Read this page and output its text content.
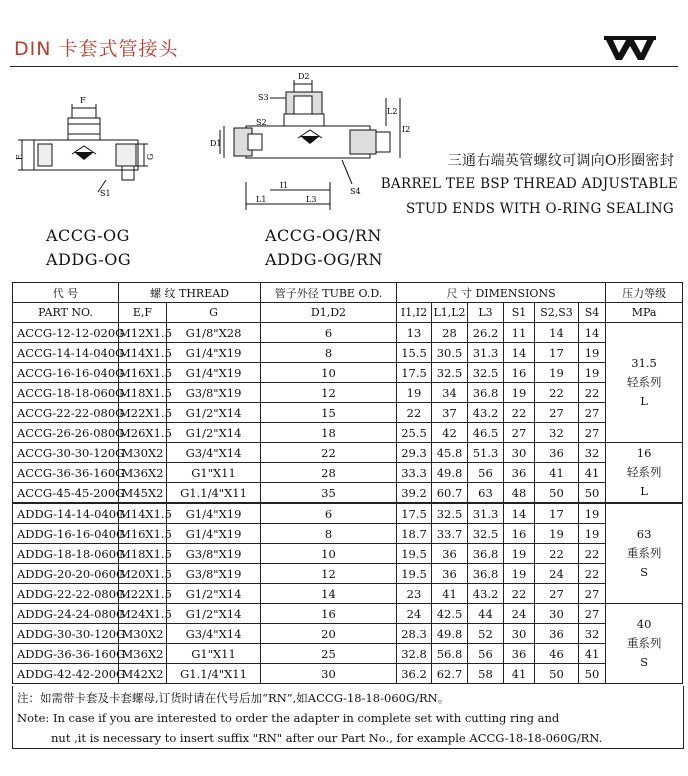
DIN 卡套式管接头
F
E	G
S1
D2
S3
S2
D1
L2
I2
I1
L1	L3
S4
ACCG-OG
ADDG-OG
ACCG-OG/RN
ADDG-OG/RN
三通右端英管螺纹可调向O形圈密封
BARREL TEE BSP THREAD ADJUSTABLE
STUD ENDS WITH O-RING SEALING
代 号	螺 纹 THREAD		管子外径 TUBE O.D.	尺 寸 DIMENSIONS						压力等级
PART NO.	E,F	G	D1,D2	I1,I2	L1,L2	L3	S1	S2,S3	S4	MPa
ACCG-12-12-020G	M12X1.5	G1/8"X28	6	13	28	26.2	11	14	14	31.5
轻系列
L

ACCG-14-14-040G	M14X1.5	G1/4"X19	8	15.5	30.5	31.3	14	17	19	
ACCG-16-16-040G	M16X1.5	G1/4"X19	10	17.5	32.5	32.5	16	19	19	
ACCG-18-18-060G	M18X1.5	G3/8"X19	12	19	34	36.8	19	22	22	
ACCG-22-22-080G	M22X1.5	G1/2"X14	15	22	37	43.2	22	27	27	
ACCG-26-26-080G	M26X1.5	G1/2"X14	18	25.5	42	46.5	27	32	27	
ACCG-30-30-120G	M30X2	G3/4"X14	22	29.3	45.8	51.3	30	36	32	16
轻系列
L

ACCG-36-36-160G	M36X2	G1"X11	28	33.3	49.8	56	36	41	41	
ACCG-45-45-200G	M45X2	G1.1/4"X11	35	39.2	60.7	63	48	50	50	
ADDG-14-14-040G	M14X1.5	G1/4"X19	6	17.5	32.5	31.3	14	17	19	63
重系列
S

ADDG-16-16-040G	M16X1.5	G1/4"X19	8	18.7	33.7	32.5	16	19	19	
ADDG-18-18-060G	M18X1.5	G3/8"X19	10	19.5	36	36.8	19	22	22	
ADDG-20-20-060G	M20X1.5	G3/8"X19	12	19.5	36	36.8	19	24	22	
ADDG-22-22-080G	M22X1.5	G1/2"X14	14	23	41	43.2	22	27	27	
ADDG-24-24-080G	M24X1.5	G1/2"X14	16	24	42.5	44	24	30	27	40
重系列
S

ADDG-30-30-120G	M30X2	G3/4"X14	20	28.3	49.8	52	30	36	32	
ADDG-36-36-160G	M36X2	G1"X11	25	32.8	56.8	56	36	46	41	
ADDG-42-42-200G	M42X2	G1.1/4"X11	30	36.2	62.7	58	41	50	50	
注：如需带卡套及卡套螺母,订货时请在代号后加“RN”,如ACCG-18-18-060G/RN。
Note: In case if you are interested to order the adapter in complete set with cutting ring and
nut ,it is necessary to insert suffix "RN" after our Part No., for example ACCG-18-18-060G/RN.
